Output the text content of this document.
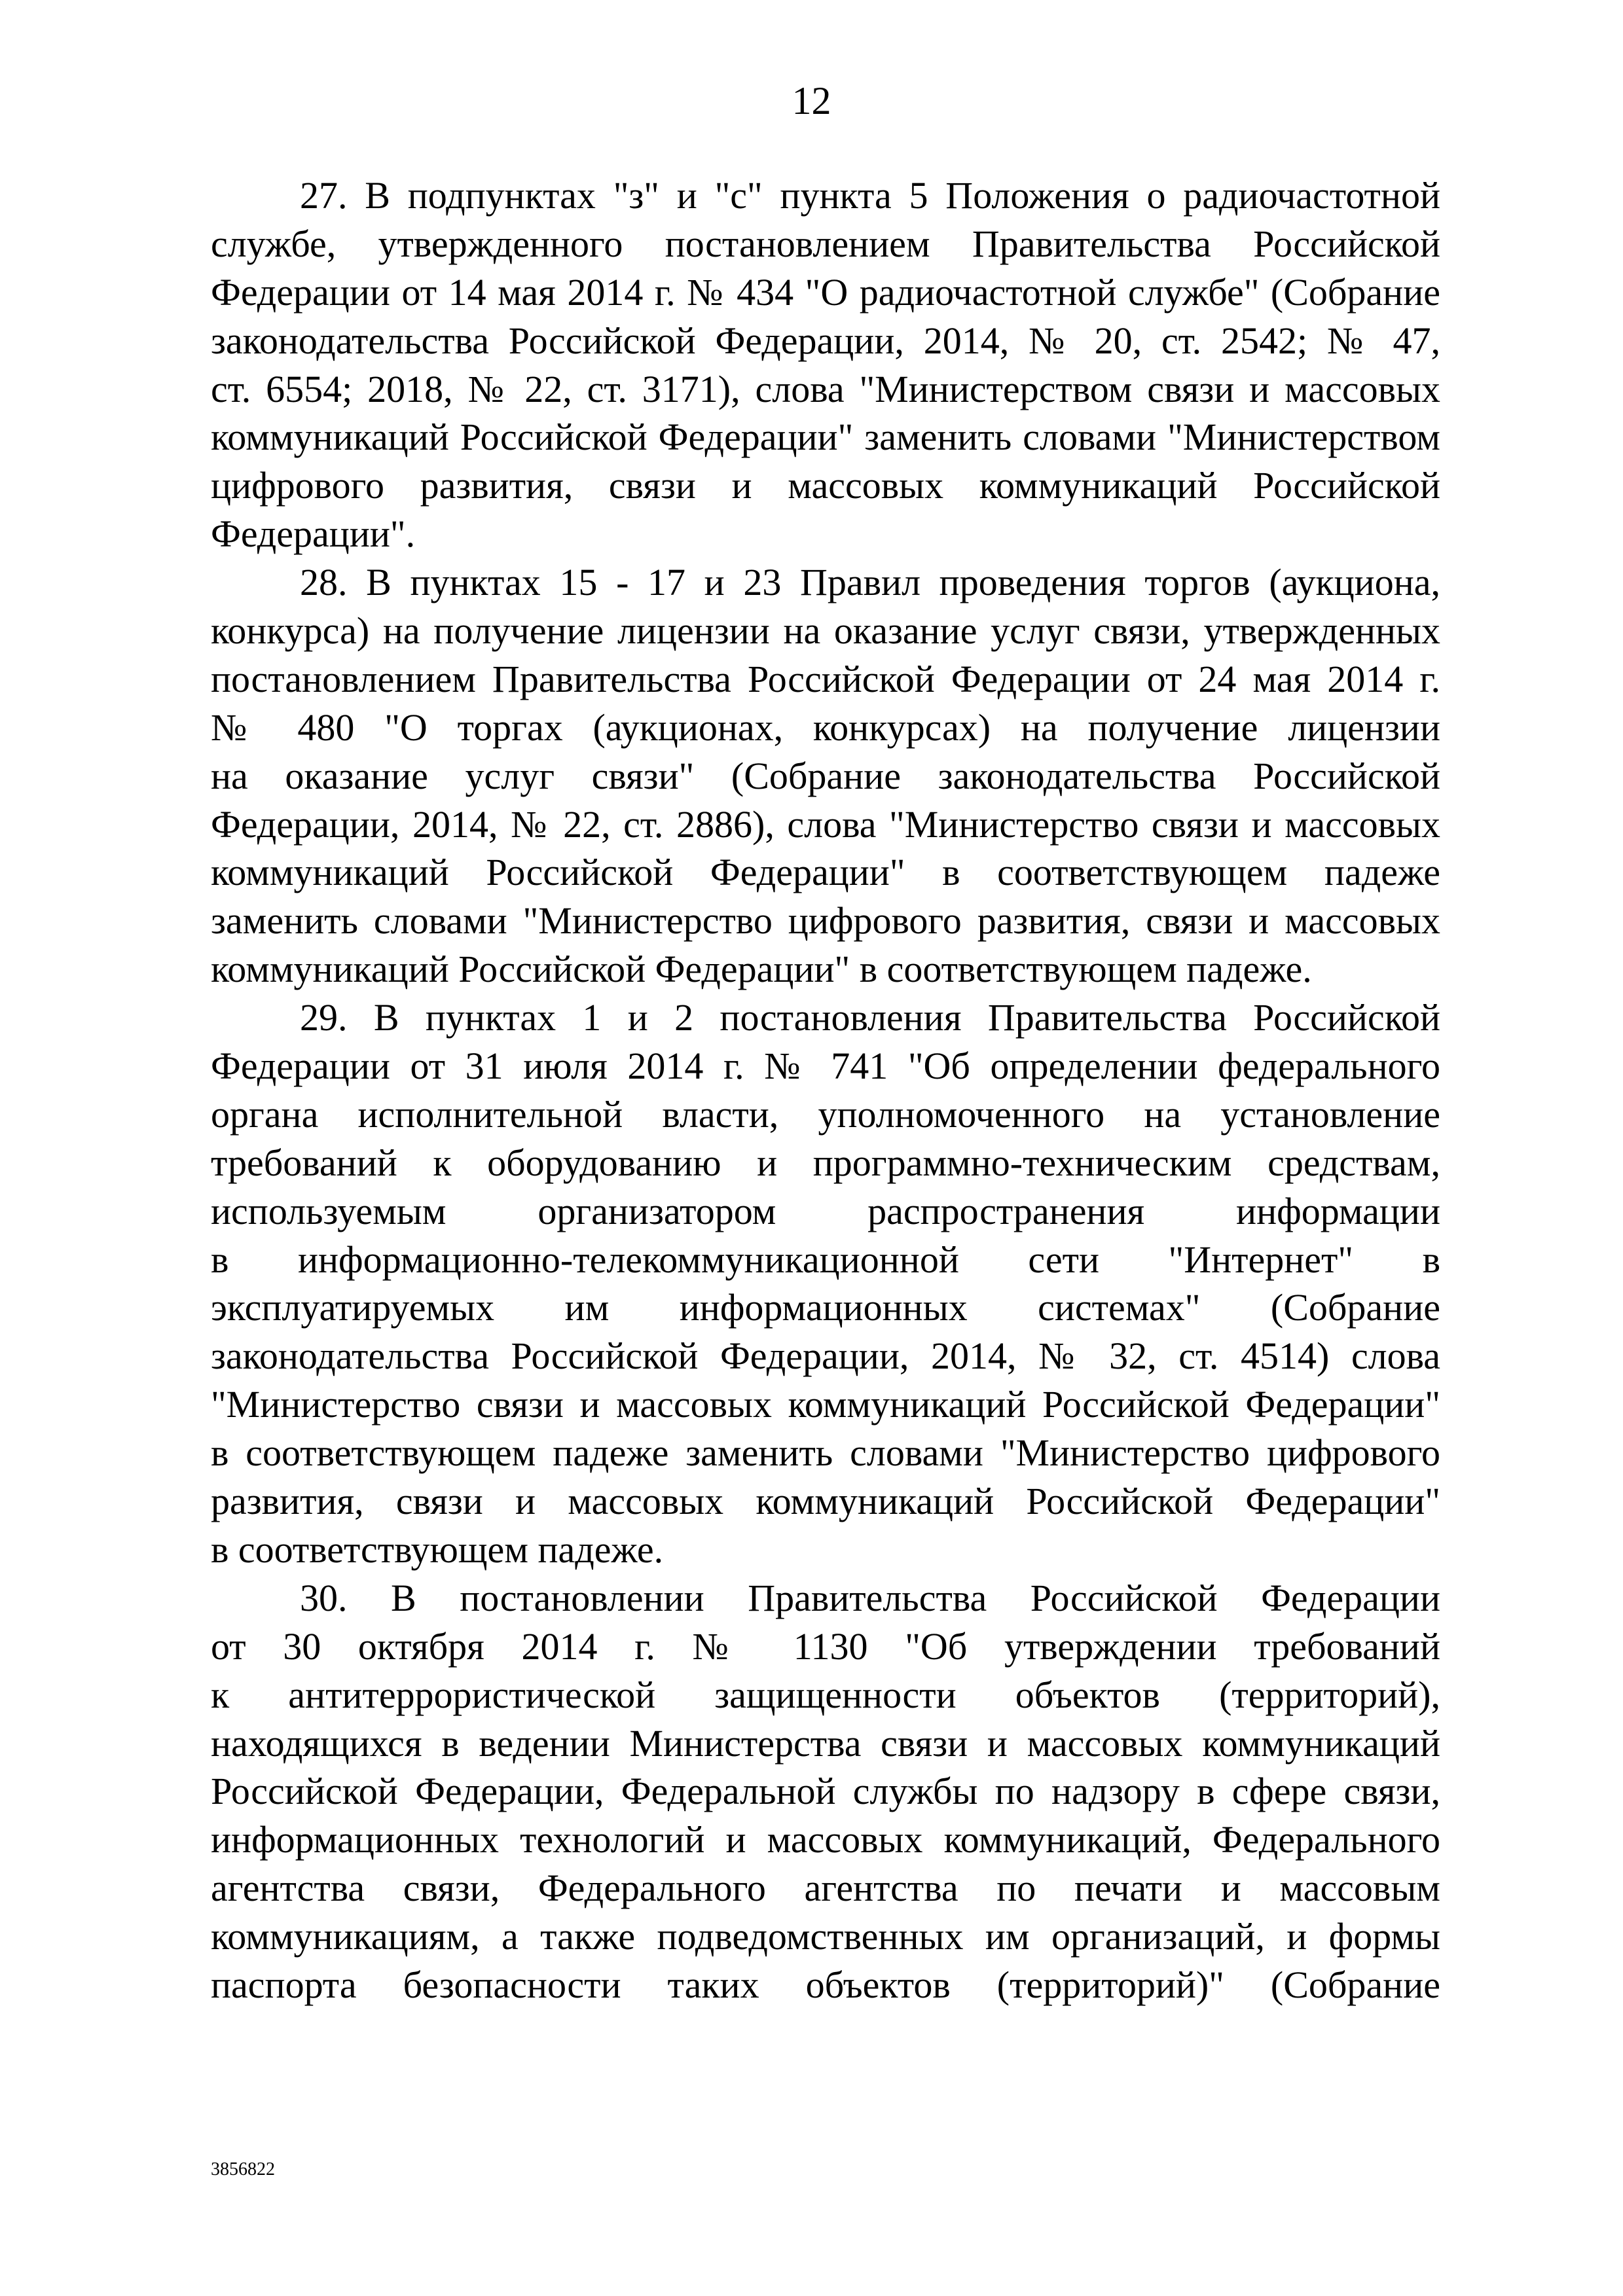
12

27. В подпунктах "з" и "с" пункта 5 Положения о радиочастотной
службе, утвержденного постановлением Правительства Российской
Федерации от 14 мая 2014 г. № 434 "О радиочастотной службе" (Собрание
законодательства Российской Федерации, 2014, № 20, ст. 2542; № 47,
ст. 6554; 2018, № 22, ст. 3171), слова "Министерством связи и массовых
коммуникаций Российской Федерации" заменить словами "Министерством
цифрового развития, связи и массовых коммуникаций Российской
Федерации".

28. В пунктах 15 - 17 и 23 Правил проведения торгов (аукциона,
конкурса) на получение лицензии на оказание услуг связи, утвержденных
постановлением Правительства Российской Федерации от 24 мая 2014 г.
№ 480 "О торгах (аукционах, конкурсах) на получение лицензии
на оказание услуг связи" (Собрание законодательства Российской
Федерации, 2014, № 22, ст. 2886), слова "Министерство связи и массовых
коммуникаций Российской Федерации" в соответствующем падеже
заменить словами "Министерство цифрового развития, связи и массовых
коммуникаций Российской Федерации" в соответствующем падеже.

29. В пунктах 1 и 2 постановления Правительства Российской
Федерации от 31 июля 2014 г. № 741 "Об определении федерального
органа исполнительной власти, уполномоченного на установление
требований к оборудованию и программно-техническим средствам,
используемым организатором распространения информации
в информационно-телекоммуникационной сети "Интернет" в
эксплуатируемых им информационных системах" (Собрание
законодательства Российской Федерации, 2014, № 32, ст. 4514) слова
"Министерство связи и массовых коммуникаций Российской Федерации"
в соответствующем падеже заменить словами "Министерство цифрового
развития, связи и массовых коммуникаций Российской Федерации"
в соответствующем падеже.

30. В постановлении Правительства Российской Федерации
от 30 октября 2014 г. № 1130 "Об утверждении требований
к антитеррористической защищенности объектов (территорий),
находящихся в ведении Министерства связи и массовых коммуникаций
Российской Федерации, Федеральной службы по надзору в сфере связи,
информационных технологий и массовых коммуникаций, Федерального
агентства связи, Федерального агентства по печати и массовым
коммуникациям, а также подведомственных им организаций, и формы
паспорта безопасности таких объектов (территорий)" (Собрание

3856822
